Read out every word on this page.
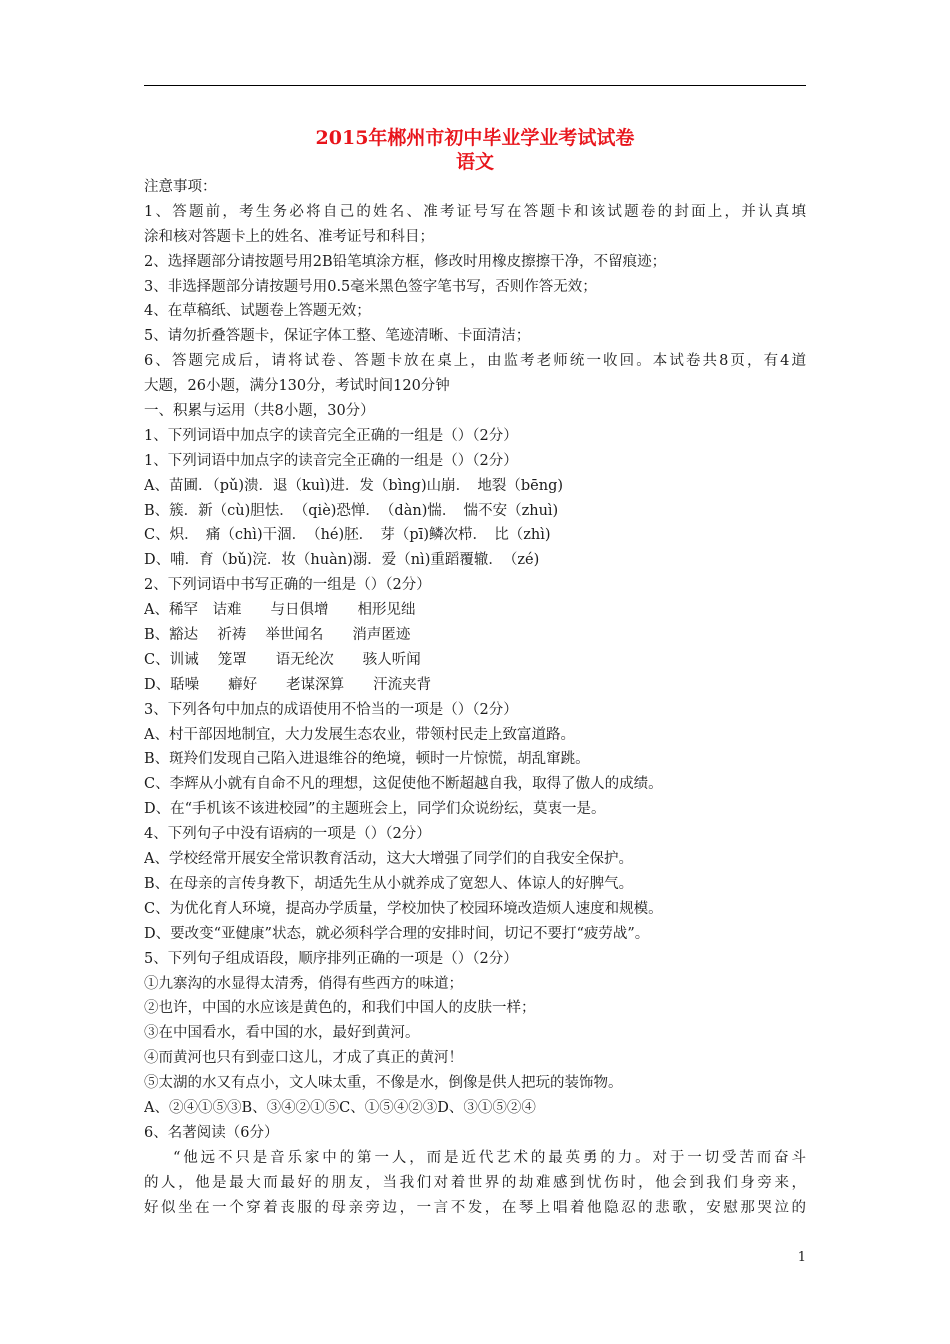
2015年郴州市初中毕业学业考试试卷
语文
注意事项：
1、答题前，考生务必将自己的姓名、准考证号写在答题卡和该试题卷的封面上，并认真填
涂和核对答题卡上的姓名、准考证号和科目；
2、选择题部分请按题号用2B铅笔填涂方框，修改时用橡皮擦擦干净，不留痕迹；
3、非选择题部分请按题号用0.5毫米黑色签字笔书写，否则作答无效；
4、在草稿纸、试题卷上答题无效；
5、请勿折叠答题卡，保证字体工整、笔迹清晰、卡面清洁；
6、答题完成后，请将试卷、答题卡放在桌上，由监考老师统一收回。本试卷共8页，有4道
大题，26小题，满分130分，考试时间120分钟
一、积累与运用（共8小题，30分）
1、下列词语中加点字的读音完全正确的一组是（）（2分）
1、下列词语中加点字的读音完全正确的一组是（）（2分）
A、苗圃．（pǔ)溃．退（kuì)进．发（bìng)山崩．　地裂（bēng)
B、簇．新（cù)胆怯．　（qiè)恐惮．　（dàn)惴．　惴不安（zhuì)
C、炽．　痛（chì)干涸．　（hé)胚．　芽（pī)鳞次栉．　比（zhì)
D、哺．育（bǔ)浣．妆（huàn)溺．爱（nì)重蹈覆辙．　（zé)
2、下列词语中书写正确的一组是（）（2分）
A、稀罕　诘难　　与日俱增　　相形见绌
B、豁达　 祈祷　 举世闻名　　消声匿迹
C、训诫　 笼罩　　语无纶次　　骇人听闻
D、聒噪　　癖好　　老谋深算　　汗流夹背
3、下列各句中加点的成语使用不恰当的一项是（）（2分）
A、村干部因地制宜，大力发展生态农业，带领村民走上致富道路。
B、斑羚们发现自己陷入进退维谷的绝境，顿时一片惊慌，胡乱窜跳。
C、李辉从小就有自命不凡的理想，这促使他不断超越自我，取得了傲人的成绩。
D、在“手机该不该进校园”的主题班会上，同学们众说纷纭，莫衷一是。
4、下列句子中没有语病的一项是（）（2分）
A、学校经常开展安全常识教育活动，这大大增强了同学们的自我安全保护。
B、在母亲的言传身教下，胡适先生从小就养成了宽恕人、体谅人的好脾气。
C、为优化育人环境，提高办学质量，学校加快了校园环境改造烦人速度和规模。
D、要改变“亚健康”状态，就必须科学合理的安排时间，切记不要打“疲劳战”。
5、下列句子组成语段，顺序排列正确的一项是（）（2分）
①九寨沟的水显得太清秀，俏得有些西方的味道；
②也许，中国的水应该是黄色的，和我们中国人的皮肤一样；
③在中国看水，看中国的水，最好到黄河。
④而黄河也只有到壶口这儿，才成了真正的黄河！
⑤太湖的水又有点小，文人味太重，不像是水，倒像是供人把玩的装饰物。
A、②④①⑤③B、③④②①⑤C、①⑤④②③D、③①⑤②④
6、名著阅读（6分）
“他远不只是音乐家中的第一人，而是近代艺术的最英勇的力。对于一切受苦而奋斗
的人，他是最大而最好的朋友，当我们对着世界的劫难感到忧伤时，他会到我们身旁来，
好似坐在一个穿着丧服的母亲旁边，一言不发，在琴上唱着他隐忍的悲歌，安慰那哭泣的
1
